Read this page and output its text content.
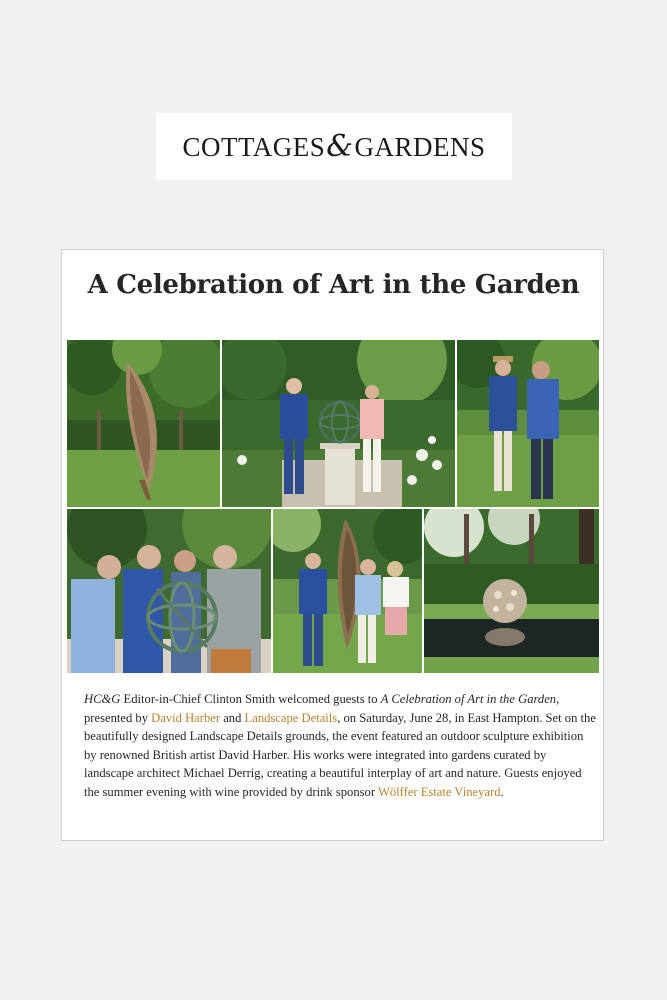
COTTAGES&GARDENS
A Celebration of Art in the Garden

HC&G Editor-in-Chief Clinton Smith welcomed guests to A Celebration of Art in the Garden, presented by David Harber and Landscape Details, on Saturday, June 28, in East Hampton. Set on the beautifully designed Landscape Details grounds, the event featured an outdoor sculpture exhibition by renowned British artist David Harber. His works were integrated into gardens curated by landscape architect Michael Derrig, creating a beautiful interplay of art and nature. Guests enjoyed the summer evening with wine provided by drink sponsor Wölffer Estate Vineyard.
